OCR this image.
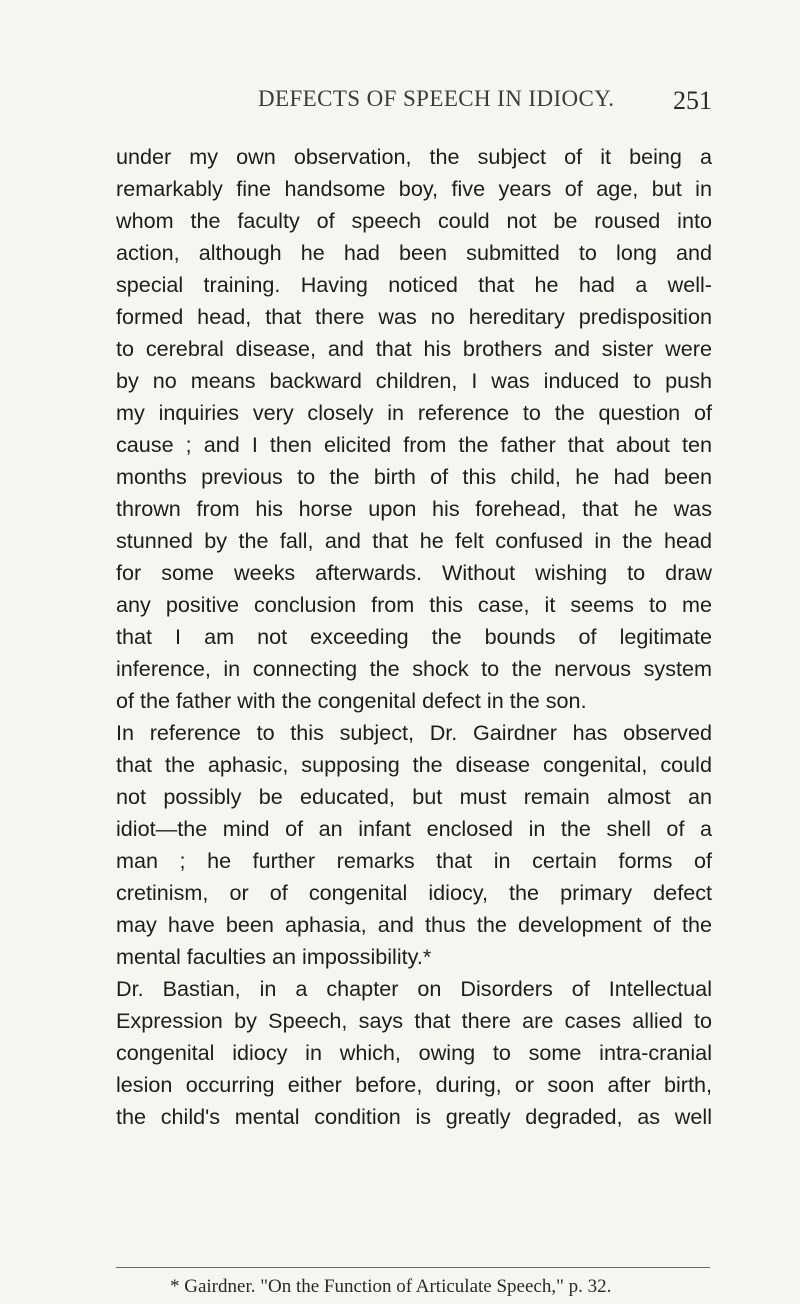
DEFECTS OF SPEECH IN IDIOCY. 251
under my own observation, the subject of it being a
remarkably fine handsome boy, five years of age, but in
whom the faculty of speech could not be roused into
action, although he had been submitted to long and
special training. Having noticed that he had a well-
formed head, that there was no hereditary predisposition
to cerebral disease, and that his brothers and sister were
by no means backward children, I was induced to push
my inquiries very closely in reference to the question of
cause ; and I then elicited from the father that about ten
months previous to the birth of this child, he had been
thrown from his horse upon his forehead, that he was
stunned by the fall, and that he felt confused in the head
for some weeks afterwards. Without wishing to draw
any positive conclusion from this case, it seems to me
that I am not exceeding the bounds of legitimate
inference, in connecting the shock to the nervous system
of the father with the congenital defect in the son.
In reference to this subject, Dr. Gairdner has observed
that the aphasic, supposing the disease congenital, could
not possibly be educated, but must remain almost an
idiot—the mind of an infant enclosed in the shell of a
man ; he further remarks that in certain forms of
cretinism, or of congenital idiocy, the primary defect
may have been aphasia, and thus the development of the
mental faculties an impossibility.*
Dr. Bastian, in a chapter on Disorders of Intellectual
Expression by Speech, says that there are cases allied to
congenital idiocy in which, owing to some intra-cranial
lesion occurring either before, during, or soon after birth,
the child's mental condition is greatly degraded, as well
* Gairdner. "On the Function of Articulate Speech," p. 32.
